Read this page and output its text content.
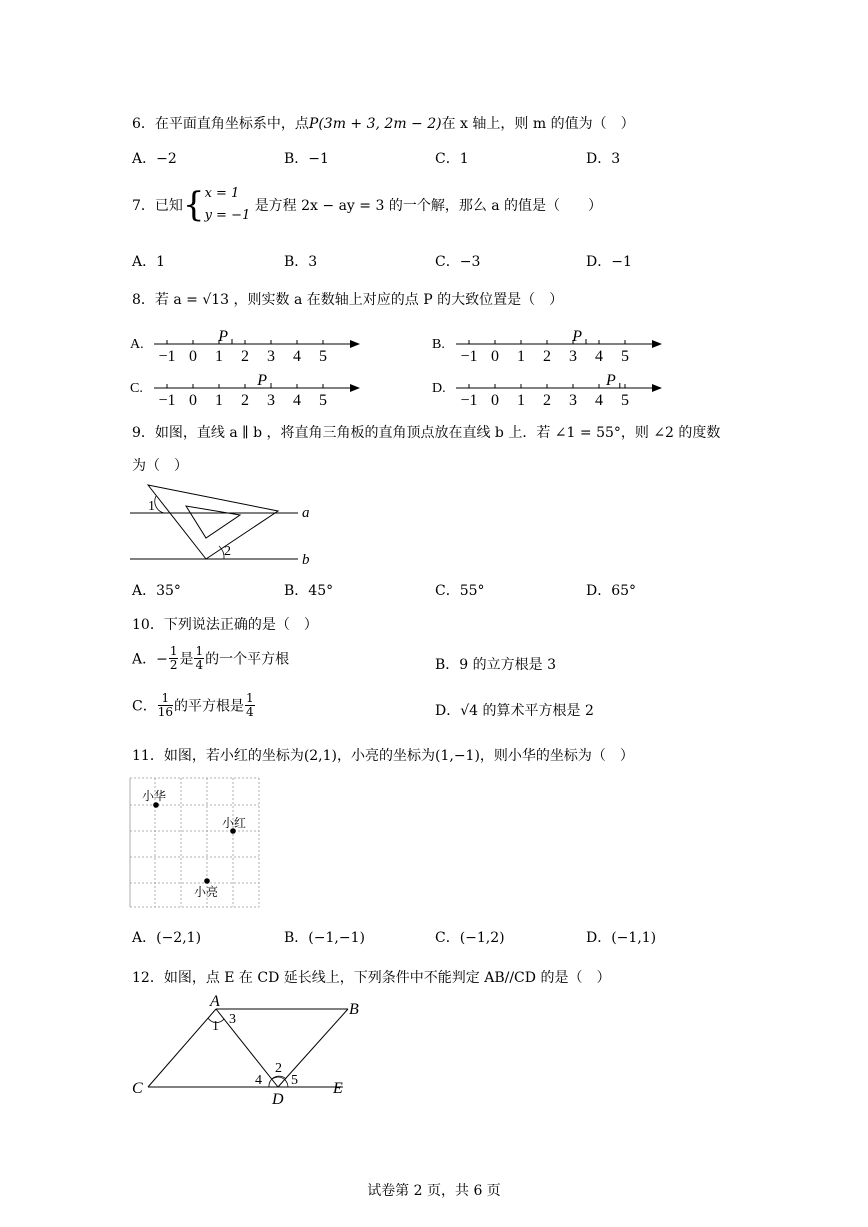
6．在平面直角坐标系中，点P(3m + 3, 2m − 2)在 x 轴上，则 m 的值为（　）
A．−2	B．−1	C．1	D．3
7．已知{ x = 1
y = −1
是方程 2x − ay = 3 的一个解，那么 a 的值是（　　）
A．1	B．3	C．−3	D．−1
8．若 a = √13 ，则实数 a 在数轴上对应的点 P 的大致位置是（　）
A.
−1 0 1 2 3 4 5
P	B.
−1 0 1 2 3 4 5
P
C.
−1 0 1 2 3 4 5
P	D.
−1 0 1 2 3 4 5
P
9．如图，直线 a ∥ b ，将直角三角板的直角顶点放在直线 b 上．若 ∠1 = 55°，则 ∠2 的度数
为（　）
a
b
1
2
A．35°	B．45°	C．55°	D．65°
10．下列说法正确的是（　）
A．− $\frac{1}{2}$ 是 $\frac{1}{4}$ 的一个平方根	B．9 的立方根是 3
C． $\frac{1}{16}$ 的平方根是 $\frac{1}{4}$	D．√4 的算术平方根是 2
11．如图，若小红的坐标为(2,1)，小亮的坐标为(1,−1)，则小华的坐标为（　）
小华
小红
小亮
A．(−2,1)	B．(−1,−1)	C．(−1,2)	D．(−1,1)
12．如图，点 E 在 CD 延长线上，下列条件中不能判定 AB//CD 的是（　）
A	B
C
D
E
1 3
2
4 5
试卷第 2 页，共 6 页
